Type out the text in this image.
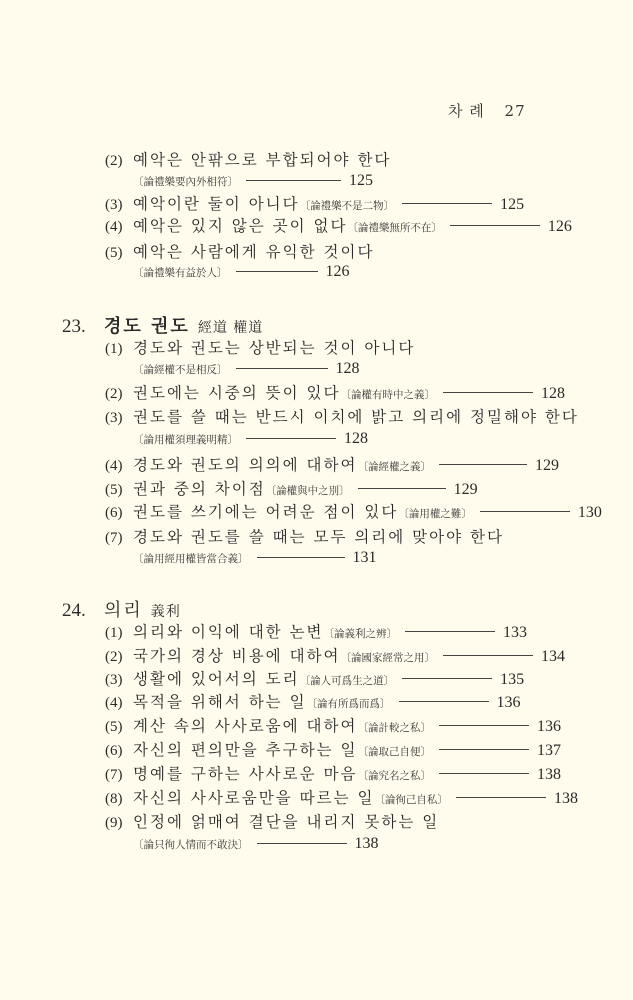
차 례 27
(2) 예악은 안팎으로 부합되어야 한다
〔論禮樂要內外相符〕	125
(3) 예악이란 둘이 아니다 〔論禮樂不是二物〕	125
(4) 예악은 있지 않은 곳이 없다 〔論禮樂無所不在〕	126
(5) 예악은 사람에게 유익한 것이다
〔論禮樂有益於人〕	126
23.	경도 권도 經道 權道
(1) 경도와 권도는 상반되는 것이 아니다
〔論經權不是相反〕	128
(2) 권도에는 시중의 뜻이 있다 〔論權有時中之義〕	128
(3) 권도를 쓸 때는 반드시 이치에 밝고 의리에 정밀해야 한다
〔論用權須理義明精〕	128
(4) 경도와 권도의 의의에 대하여 〔論經權之義〕	129
(5) 권과 중의 차이점 〔論權與中之別〕	129
(6) 권도를 쓰기에는 어려운 점이 있다 〔論用權之難〕	130
(7) 경도와 권도를 쓸 때는 모두 의리에 맞아야 한다
〔論用經用權皆當合義〕	131
24.	의리 義利
(1) 의리와 이익에 대한 논변 〔論義利之辨〕	133
(2) 국가의 경상 비용에 대하여 〔論國家經常之用〕	134
(3) 생활에 있어서의 도리 〔論人可爲生之道〕	135
(4) 목적을 위해서 하는 일 〔論有所爲而爲〕	136
(5) 계산 속의 사사로움에 대하여 〔論計較之私〕	136
(6) 자신의 편의만을 추구하는 일 〔論取己自便〕	137
(7) 명예를 구하는 사사로운 마음 〔論究名之私〕	138
(8) 자신의 사사로움만을 따르는 일 〔論徇己自私〕	138
(9) 인정에 얽매여 결단을 내리지 못하는 일
〔論只徇人情而不敢決〕	138
